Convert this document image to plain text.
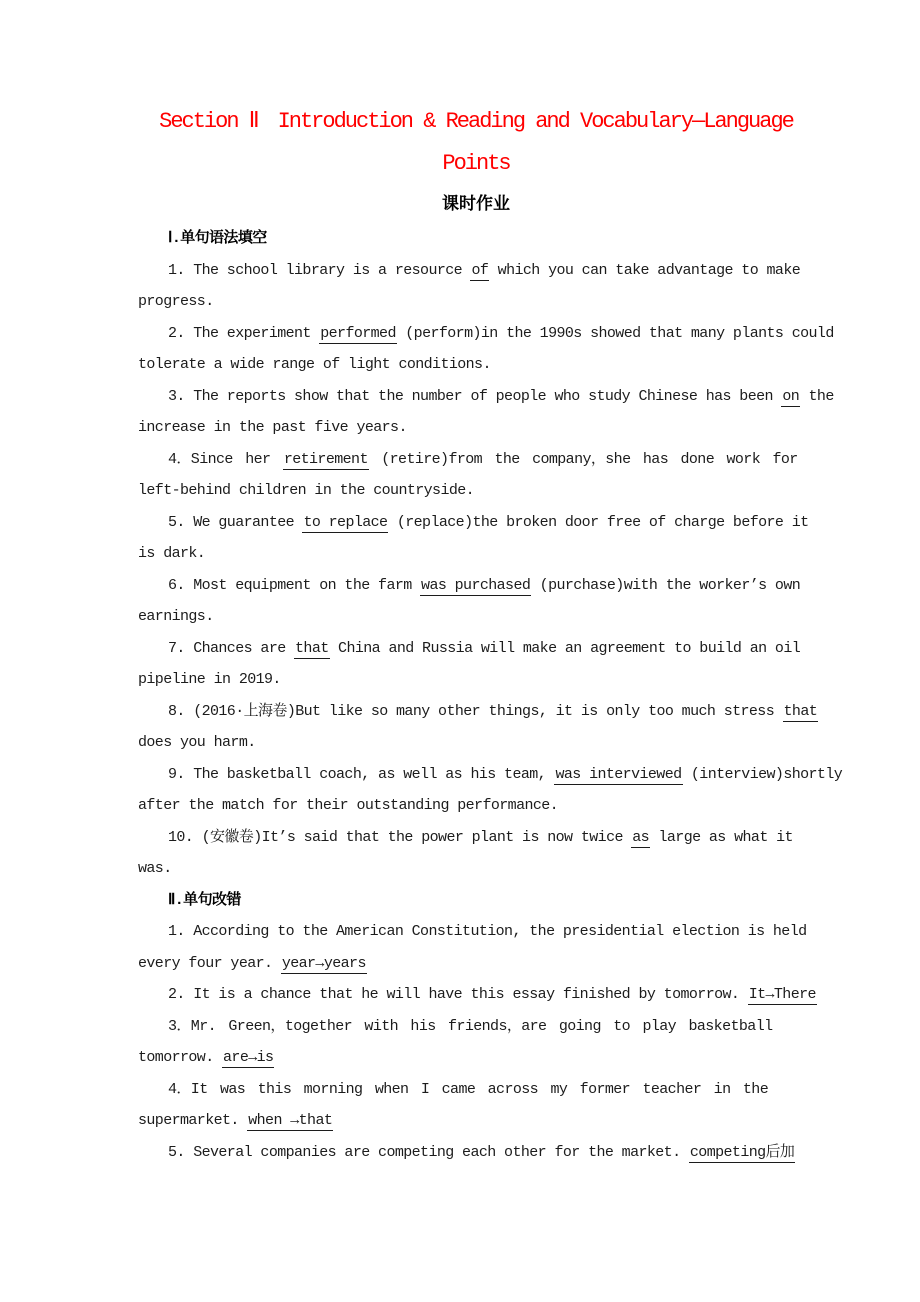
Section Ⅱ　Introduction & Reading and Vocabulary—Language
Points
课时作业
Ⅰ.单句语法填空
1. The school library is a resource of which you can take advantage to make
progress.
2. The experiment performed (perform)in the 1990s showed that many plants could
tolerate a wide range of light conditions.
3. The reports show that the number of people who study Chinese has been on the
increase in the past five years.
4．Since her retirement (retire)from the company，she has done work for
left-behind children in the countryside.
5. We guarantee to replace (replace)the broken door free of charge before it
is dark.
6. Most equipment on the farm was purchased (purchase)with the worker’s own
earnings.
7. Chances are that China and Russia will make an agreement to build an oil
pipeline in 2019.
8. (2016·上海卷)But like so many other things, it is only too much stress that
does you harm.
9. The basketball coach, as well as his team, was interviewed (interview)shortly
after the match for their outstanding performance.
10. (安徽卷)It’s said that the power plant is now twice as large as what it
was.
Ⅱ.单句改错
1. According to the American Constitution, the presidential election is held
every four year. year→years
2. It is a chance that he will have this essay finished by tomorrow. It→There
3．Mr. Green，together with his friends，are going to play basketball
tomorrow. are→is
4．It was this morning when I came across my former teacher in the
supermarket. when →that
5. Several companies are competing each other for the market. competing后加
